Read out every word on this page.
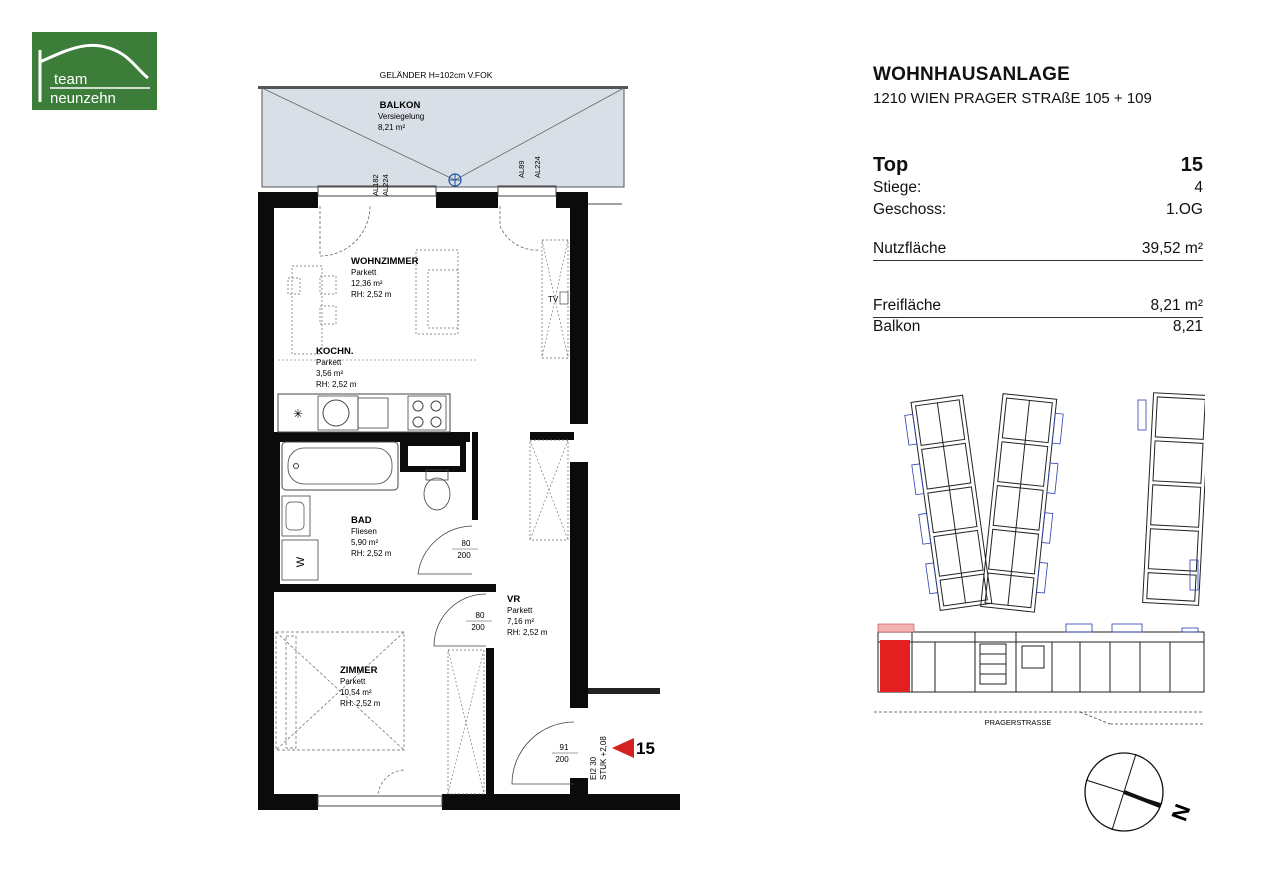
team
neunzehn
GELÄNDER H=102cm V.FOK
BALKON
Versiegelung
8,21 m²
AL182 AL224
AL89 AL224
✳
TV
W
80
200
80
200
91
200	EI2 30 STUK +2,08 15
WOHNZIMMER
Parkett
12,36 m²
RH: 2,52 m
KOCHN.
Parkett
3,56 m²
RH: 2,52 m
BAD
Fliesen
5,90 m²
RH: 2,52 m
VR
Parkett
7,16 m²
RH: 2,52 m
ZIMMER
Parkett
10,54 m²
RH: 2,52 m
WOHNHAUSANLAGE
1210 WIEN PRAGER STRAßE 105 + 109
Top	15
Stiege:	4
Geschoss:	1.OG
Nutzfläche	39,52 m²
Freifläche	8,21 m²
Balkon	8,21
PRAGERSTRASSE
N
